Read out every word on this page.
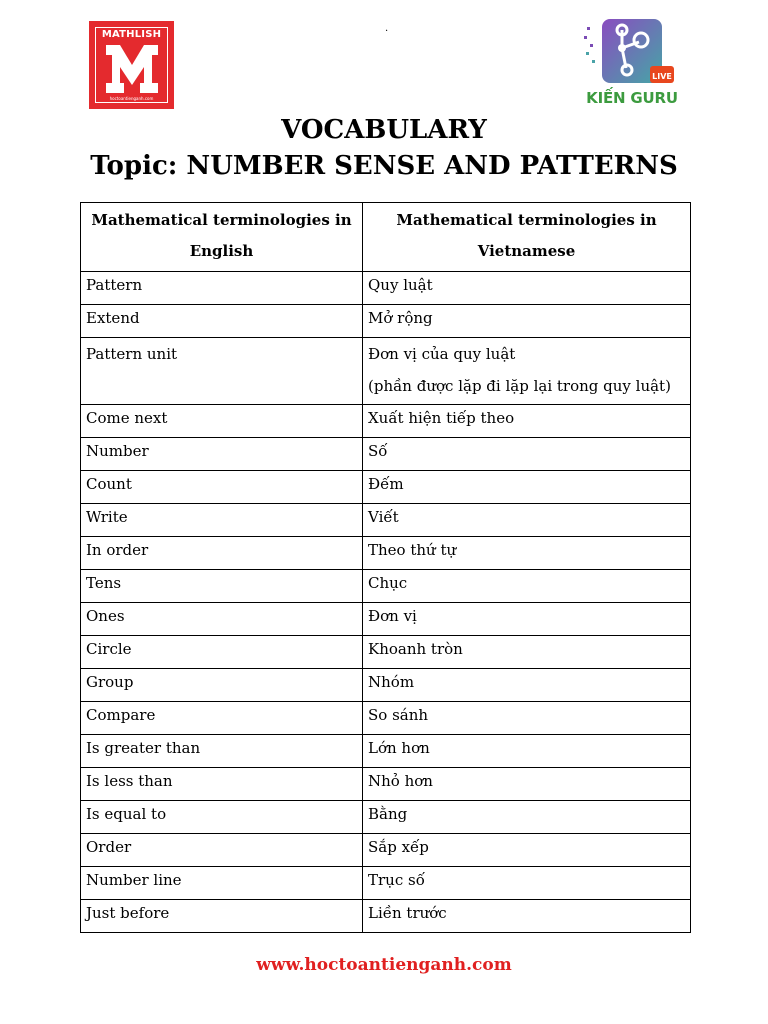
.
MATHLISH
hoctoantienganh.com
LIVE
KIẾN GURU
VOCABULARY
Topic: NUMBER SENSE AND PATTERNS
Mathematical terminologies in English	Mathematical terminologies in Vietnamese
Pattern	Quy luật
Extend	Mở rộng
Pattern unit	Đơn vị của quy luật
(phần được lặp đi lặp lại trong quy luật)

Come next	Xuất hiện tiếp theo
Number	Số
Count	Đếm
Write	Viết
In order	Theo thứ tự
Tens	Chục
Ones	Đơn vị
Circle	Khoanh tròn
Group	Nhóm
Compare	So sánh
Is greater than	Lớn hơn
Is less than	Nhỏ hơn
Is equal to	Bằng
Order	Sắp xếp
Number line	Trục số
Just before	Liền trước
www.hoctoantienganh.com
